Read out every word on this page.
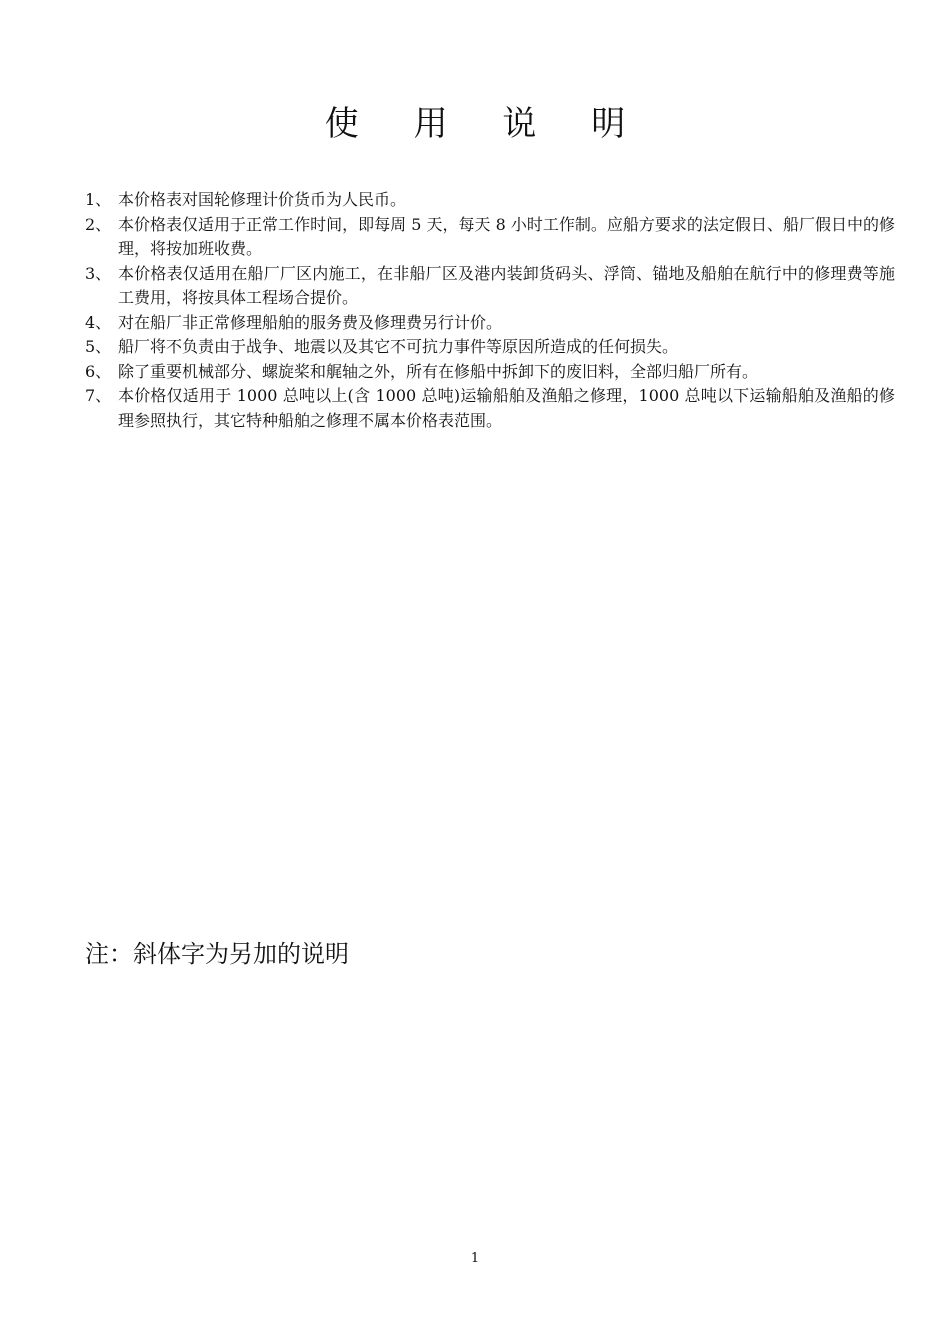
使 用 说 明
1、 本价格表对国轮修理计价货币为人民币。
2、 本价格表仅适用于正常工作时间，即每周 5 天，每天 8 小时工作制。应船方要求的法定假日、船厂假日中的修理，将按加班收费。
3、 本价格表仅适用在船厂厂区内施工，在非船厂区及港内装卸货码头、浮筒、锚地及船舶在航行中的修理费等施工费用，将按具体工程场合提价。
4、 对在船厂非正常修理船舶的服务费及修理费另行计价。
5、 船厂将不负责由于战争、地震以及其它不可抗力事件等原因所造成的任何损失。
6、 除了重要机械部分、螺旋桨和艉轴之外，所有在修船中拆卸下的废旧料，全部归船厂所有。
7、 本价格仅适用于 1000 总吨以上(含 1000 总吨)运输船舶及渔船之修理，1000 总吨以下运输船舶及渔船的修理参照执行，其它特种船舶之修理不属本价格表范围。

注：斜体字为另加的说明

1
